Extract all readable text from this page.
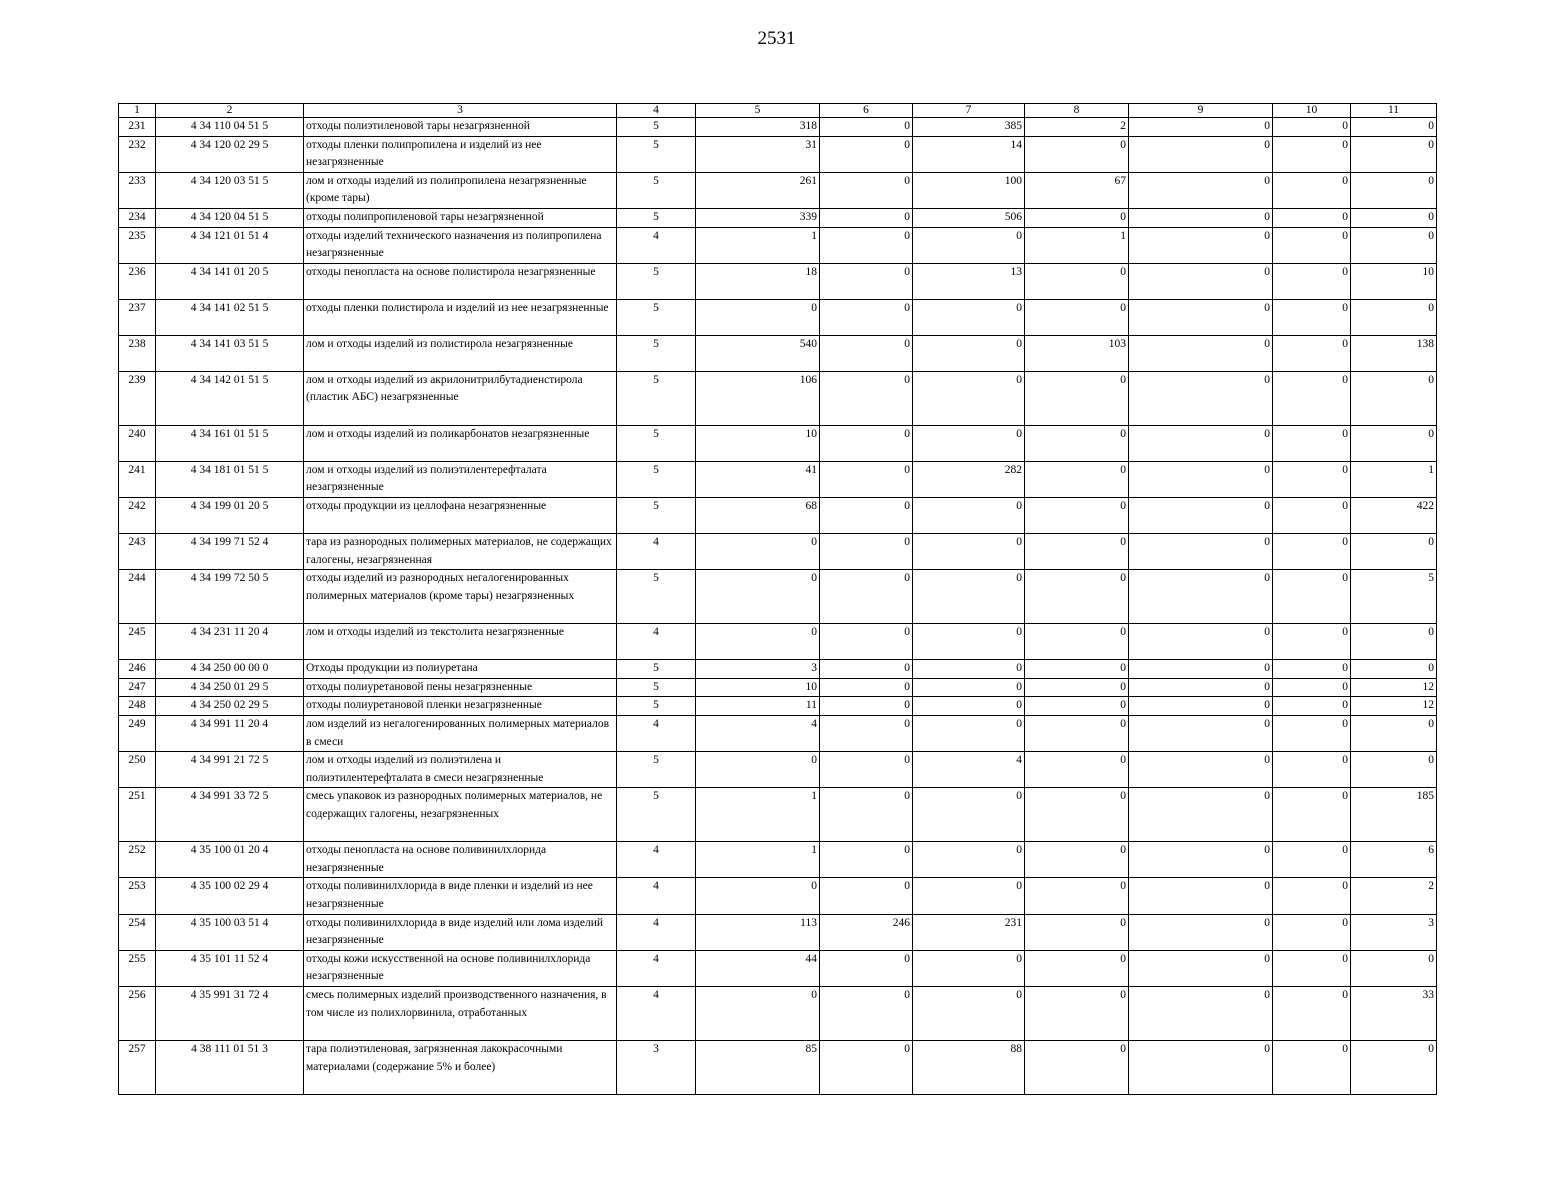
2531
1	2	3	4	5	6	7	8	9	10	11
231	4 34 110 04 51 5	отходы полиэтиленовой тары незагрязненной	5	318	0	385	2	0	0	0
232	4 34 120 02 29 5	отходы пленки полипропилена и изделий из нее незагрязненные	5	31	0	14	0	0	0	0
233	4 34 120 03 51 5	лом и отходы изделий из полипропилена незагрязненные (кроме тары)	5	261	0	100	67	0	0	0
234	4 34 120 04 51 5	отходы полипропиленовой тары незагрязненной	5	339	0	506	0	0	0	0
235	4 34 121 01 51 4	отходы изделий технического назначения из полипропилена незагрязненные	4	1	0	0	1	0	0	0
236	4 34 141 01 20 5	отходы пенопласта на основе полистирола незагрязненные	5	18	0	13	0	0	0	10
237	4 34 141 02 51 5	отходы пленки полистирола и изделий из нее незагрязненные	5	0	0	0	0	0	0	0
238	4 34 141 03 51 5	лом и отходы изделий из полистирола незагрязненные	5	540	0	0	103	0	0	138
239	4 34 142 01 51 5	лом и отходы изделий из акрилонитрилбутадиенстирола (пластик АБС) незагрязненные	5	106	0	0	0	0	0	0
240	4 34 161 01 51 5	лом и отходы изделий из поликарбонатов незагрязненные	5	10	0	0	0	0	0	0
241	4 34 181 01 51 5	лом и отходы изделий из полиэтилентерефталата незагрязненные	5	41	0	282	0	0	0	1
242	4 34 199 01 20 5	отходы продукции из целлофана незагрязненные	5	68	0	0	0	0	0	422
243	4 34 199 71 52 4	тара из разнородных полимерных материалов, не содержащих галогены, незагрязненная	4	0	0	0	0	0	0	0
244	4 34 199 72 50 5	отходы изделий из разнородных негалогенированных полимерных материалов (кроме тары) незагрязненных	5	0	0	0	0	0	0	5
245	4 34 231 11 20 4	лом и отходы изделий из текстолита незагрязненные	4	0	0	0	0	0	0	0
246	4 34 250 00 00 0	Отходы продукции из полиуретана	5	3	0	0	0	0	0	0
247	4 34 250 01 29 5	отходы полиуретановой пены незагрязненные	5	10	0	0	0	0	0	12
248	4 34 250 02 29 5	отходы полиуретановой пленки незагрязненные	5	11	0	0	0	0	0	12
249	4 34 991 11 20 4	лом изделий из негалогенированных полимерных материалов в смеси	4	4	0	0	0	0	0	0
250	4 34 991 21 72 5	лом и отходы изделий из полиэтилена и полиэтилентерефталата в смеси незагрязненные	5	0	0	4	0	0	0	0
251	4 34 991 33 72 5	смесь упаковок из разнородных полимерных материалов, не содержащих галогены, незагрязненных	5	1	0	0	0	0	0	185
252	4 35 100 01 20 4	отходы пенопласта на основе поливинилхлорида незагрязненные	4	1	0	0	0	0	0	6
253	4 35 100 02 29 4	отходы поливинилхлорида в виде пленки и изделий из нее незагрязненные	4	0	0	0	0	0	0	2
254	4 35 100 03 51 4	отходы поливинилхлорида в виде изделий или лома изделий незагрязненные	4	113	246	231	0	0	0	3
255	4 35 101 11 52 4	отходы кожи искусственной на основе поливинилхлорида незагрязненные	4	44	0	0	0	0	0	0
256	4 35 991 31 72 4	смесь полимерных изделий производственного назначения, в том числе из полихлорвинила, отработанных	4	0	0	0	0	0	0	33
257	4 38 111 01 51 3	тара полиэтиленовая, загрязненная лакокрасочными материалами (содержание 5% и более)	3	85	0	88	0	0	0	0
